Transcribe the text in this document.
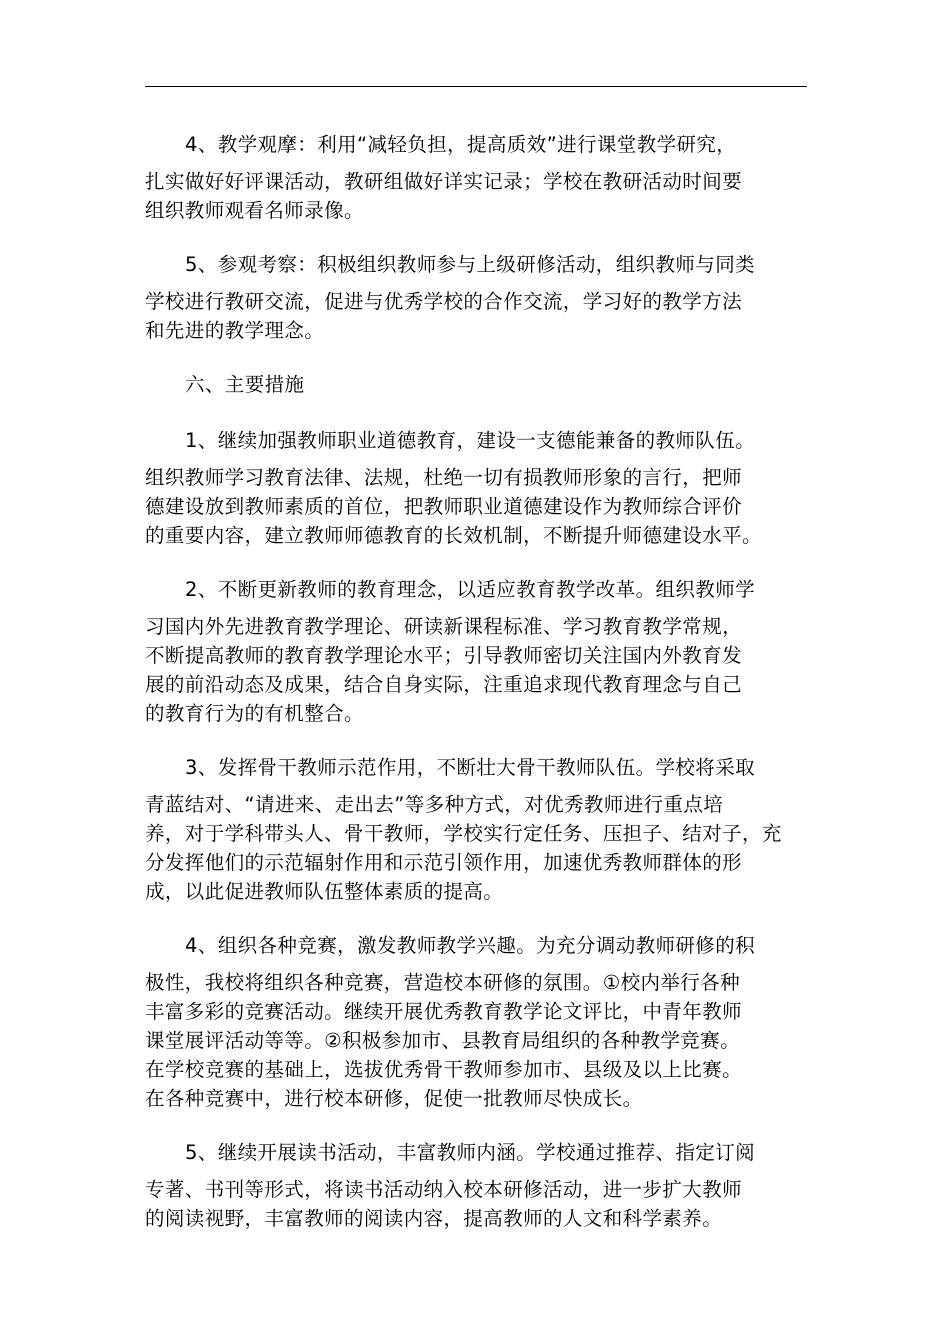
4、教学观摩：利用“减轻负担，提高质效”进行课堂教学研究，
扎实做好好评课活动，教研组做好详实记录；学校在教研活动时间要
组织教师观看名师录像。

5、参观考察：积极组织教师参与上级研修活动，组织教师与同类
学校进行教研交流，促进与优秀学校的合作交流，学习好的教学方法
和先进的教学理念。

六、主要措施

1、继续加强教师职业道德教育，建设一支德能兼备的教师队伍。
组织教师学习教育法律、法规，杜绝一切有损教师形象的言行，把师
德建设放到教师素质的首位，把教师职业道德建设作为教师综合评价
的重要内容，建立教师师德教育的长效机制，不断提升师德建设水平。

2、不断更新教师的教育理念，以适应教育教学改革。组织教师学
习国内外先进教育教学理论、研读新课程标准、学习教育教学常规，
不断提高教师的教育教学理论水平；引导教师密切关注国内外教育发
展的前沿动态及成果，结合自身实际，注重追求现代教育理念与自己
的教育行为的有机整合。

3、发挥骨干教师示范作用，不断壮大骨干教师队伍。学校将采取
青蓝结对、“请进来、走出去”等多种方式，对优秀教师进行重点培
养，对于学科带头人、骨干教师，学校实行定任务、压担子、结对子，充
分发挥他们的示范辐射作用和示范引领作用，加速优秀教师群体的形
成，以此促进教师队伍整体素质的提高。

4、组织各种竞赛，激发教师教学兴趣。为充分调动教师研修的积
极性，我校将组织各种竞赛，营造校本研修的氛围。①校内举行各种
丰富多彩的竞赛活动。继续开展优秀教育教学论文评比，中青年教师
课堂展评活动等等。②积极参加市、县教育局组织的各种教学竞赛。
在学校竞赛的基础上，选拔优秀骨干教师参加市、县级及以上比赛。
在各种竞赛中，进行校本研修，促使一批教师尽快成长。

5、继续开展读书活动，丰富教师内涵。学校通过推荐、指定订阅
专著、书刊等形式，将读书活动纳入校本研修活动，进一步扩大教师
的阅读视野，丰富教师的阅读内容，提高教师的人文和科学素养。
